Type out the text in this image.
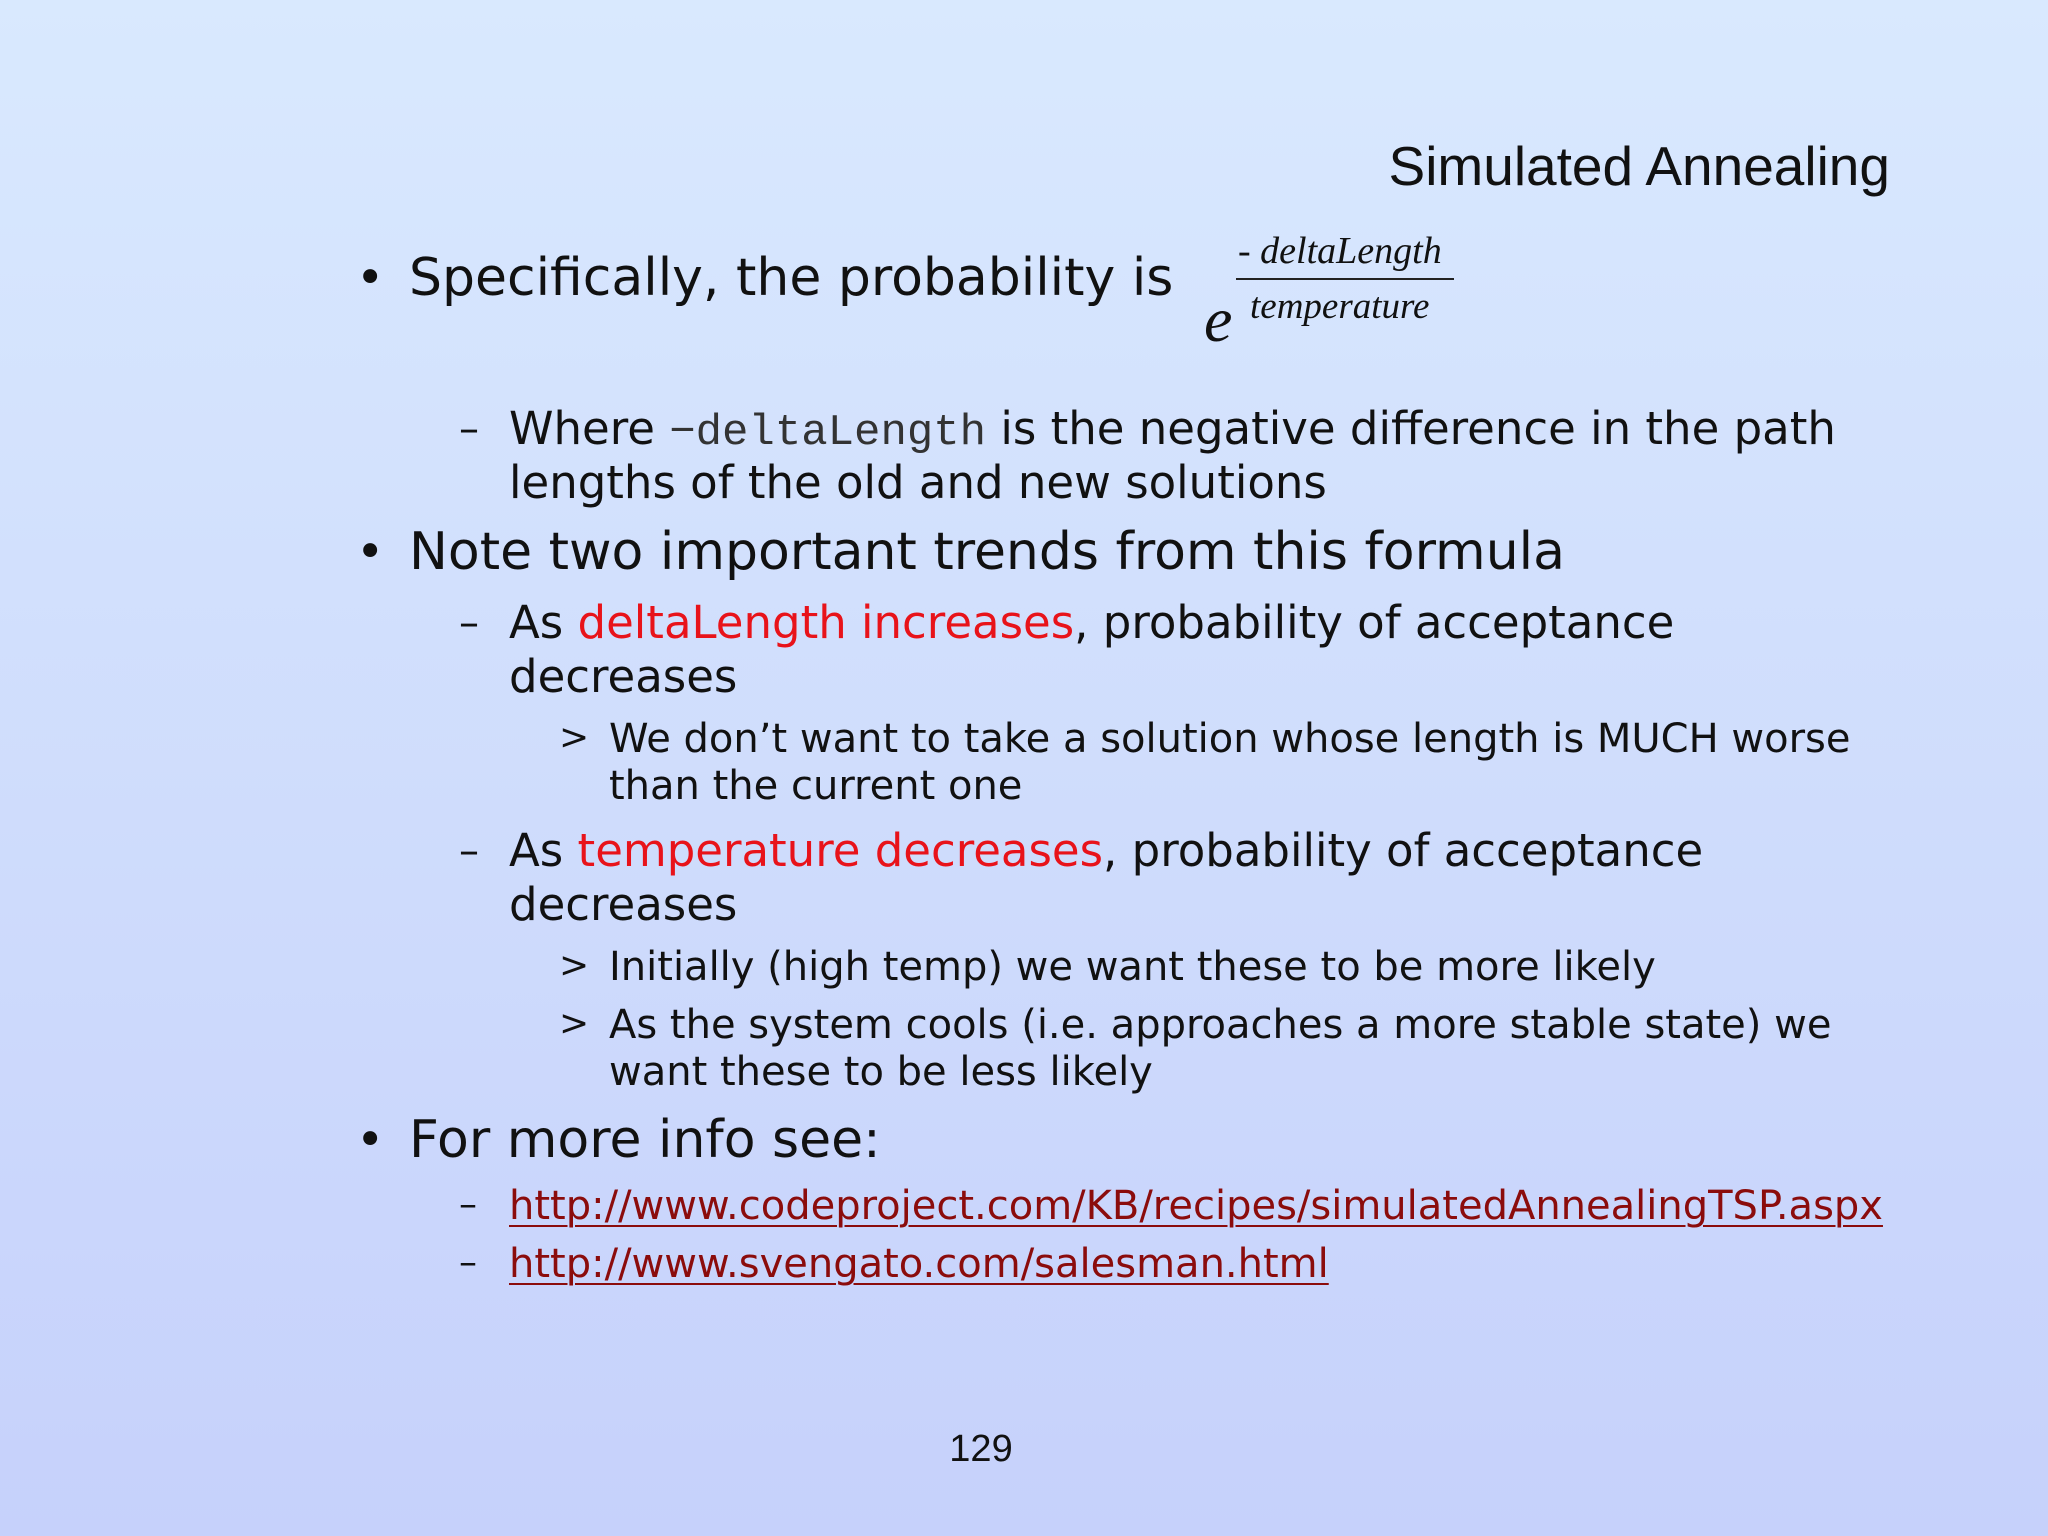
Simulated Annealing
• Specifically, the probability is
e
- deltaLength
temperature
– Where −deltaLength is the negative difference in the path
lengths of the old and new solutions
• Note two important trends from this formula
– As deltaLength increases, probability of acceptance
decreases
> We don’t want to take a solution whose length is MUCH worse
than the current one
– As temperature decreases, probability of acceptance
decreases
> Initially (high temp) we want these to be more likely
> As the system cools (i.e. approaches a more stable state) we
want these to be less likely
• For more info see:
– http://www.codeproject.com/KB/recipes/simulatedAnnealingTSP.aspx
– http://www.svengato.com/salesman.html
129
